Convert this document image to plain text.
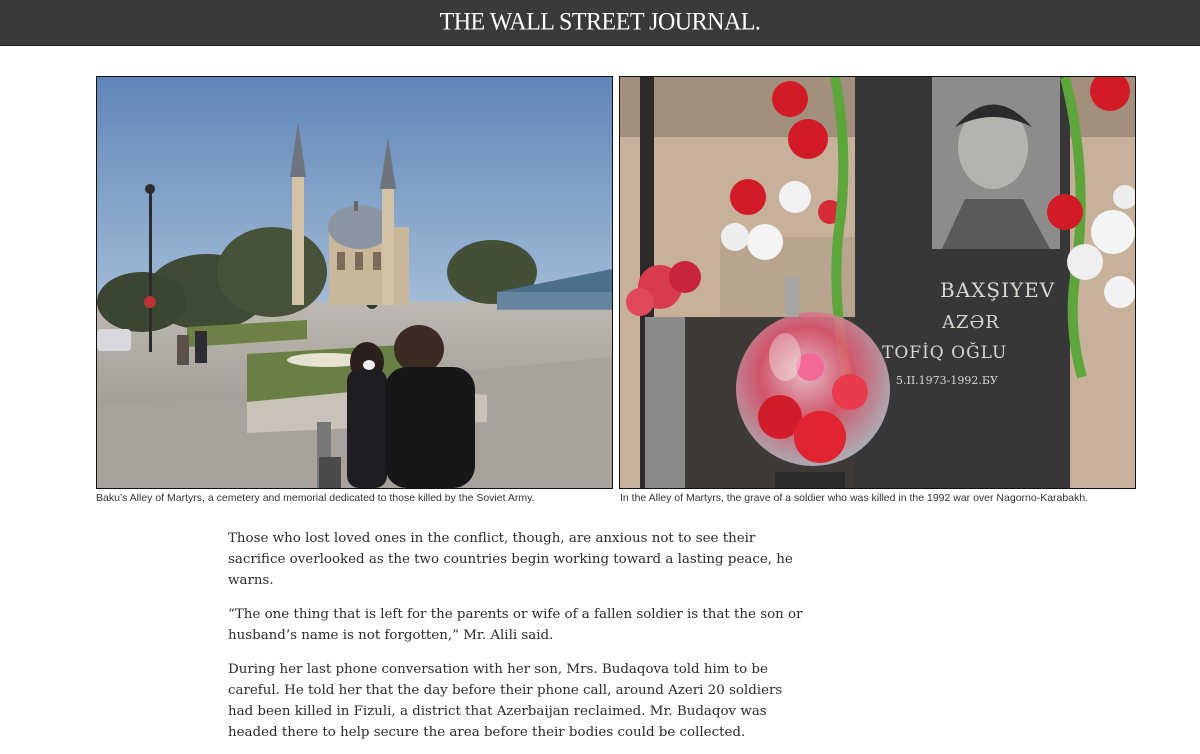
THE WALL STREET JOURNAL.
BAXŞIYEV
AZƏR
TOFİQ OĞLU
5.II.1973-1992.БУ
Baku’s Alley of Martyrs, a cemetery and memorial dedicated to those killed by the Soviet Army.	In the Alley of Martyrs, the grave of a soldier who was killed in the 1992 war over Nagorno-Karabakh.

Those who lost loved ones in the conflict, though, are anxious not to see their sacrifice overlooked as the two countries begin working toward a lasting peace, he warns.

“The one thing that is left for the parents or wife of a fallen soldier is that the son or husband’s name is not forgotten,” Mr. Alili said.

During her last phone conversation with her son, Mrs. Budaqova told him to be careful. He told her that the day before their phone call, around Azeri 20 soldiers had been killed in Fizuli, a district that Azerbaijan reclaimed. Mr. Budaqov was headed there to help secure the area before their bodies could be collected.
